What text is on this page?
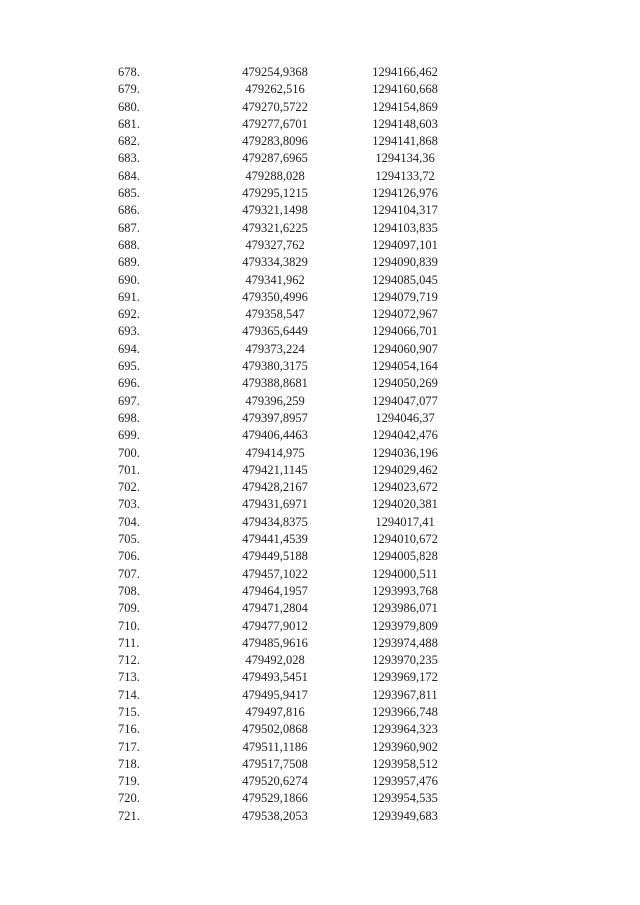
678.	479254,9368	1294166,462
679.	479262,516	1294160,668
680.	479270,5722	1294154,869
681.	479277,6701	1294148,603
682.	479283,8096	1294141,868
683.	479287,6965	1294134,36
684.	479288,028	1294133,72
685.	479295,1215	1294126,976
686.	479321,1498	1294104,317
687.	479321,6225	1294103,835
688.	479327,762	1294097,101
689.	479334,3829	1294090,839
690.	479341,962	1294085,045
691.	479350,4996	1294079,719
692.	479358,547	1294072,967
693.	479365,6449	1294066,701
694.	479373,224	1294060,907
695.	479380,3175	1294054,164
696.	479388,8681	1294050,269
697.	479396,259	1294047,077
698.	479397,8957	1294046,37
699.	479406,4463	1294042,476
700.	479414,975	1294036,196
701.	479421,1145	1294029,462
702.	479428,2167	1294023,672
703.	479431,6971	1294020,381
704.	479434,8375	1294017,41
705.	479441,4539	1294010,672
706.	479449,5188	1294005,828
707.	479457,1022	1294000,511
708.	479464,1957	1293993,768
709.	479471,2804	1293986,071
710.	479477,9012	1293979,809
711.	479485,9616	1293974,488
712.	479492,028	1293970,235
713.	479493,5451	1293969,172
714.	479495,9417	1293967,811
715.	479497,816	1293966,748
716.	479502,0868	1293964,323
717.	479511,1186	1293960,902
718.	479517,7508	1293958,512
719.	479520,6274	1293957,476
720.	479529,1866	1293954,535
721.	479538,2053	1293949,683
